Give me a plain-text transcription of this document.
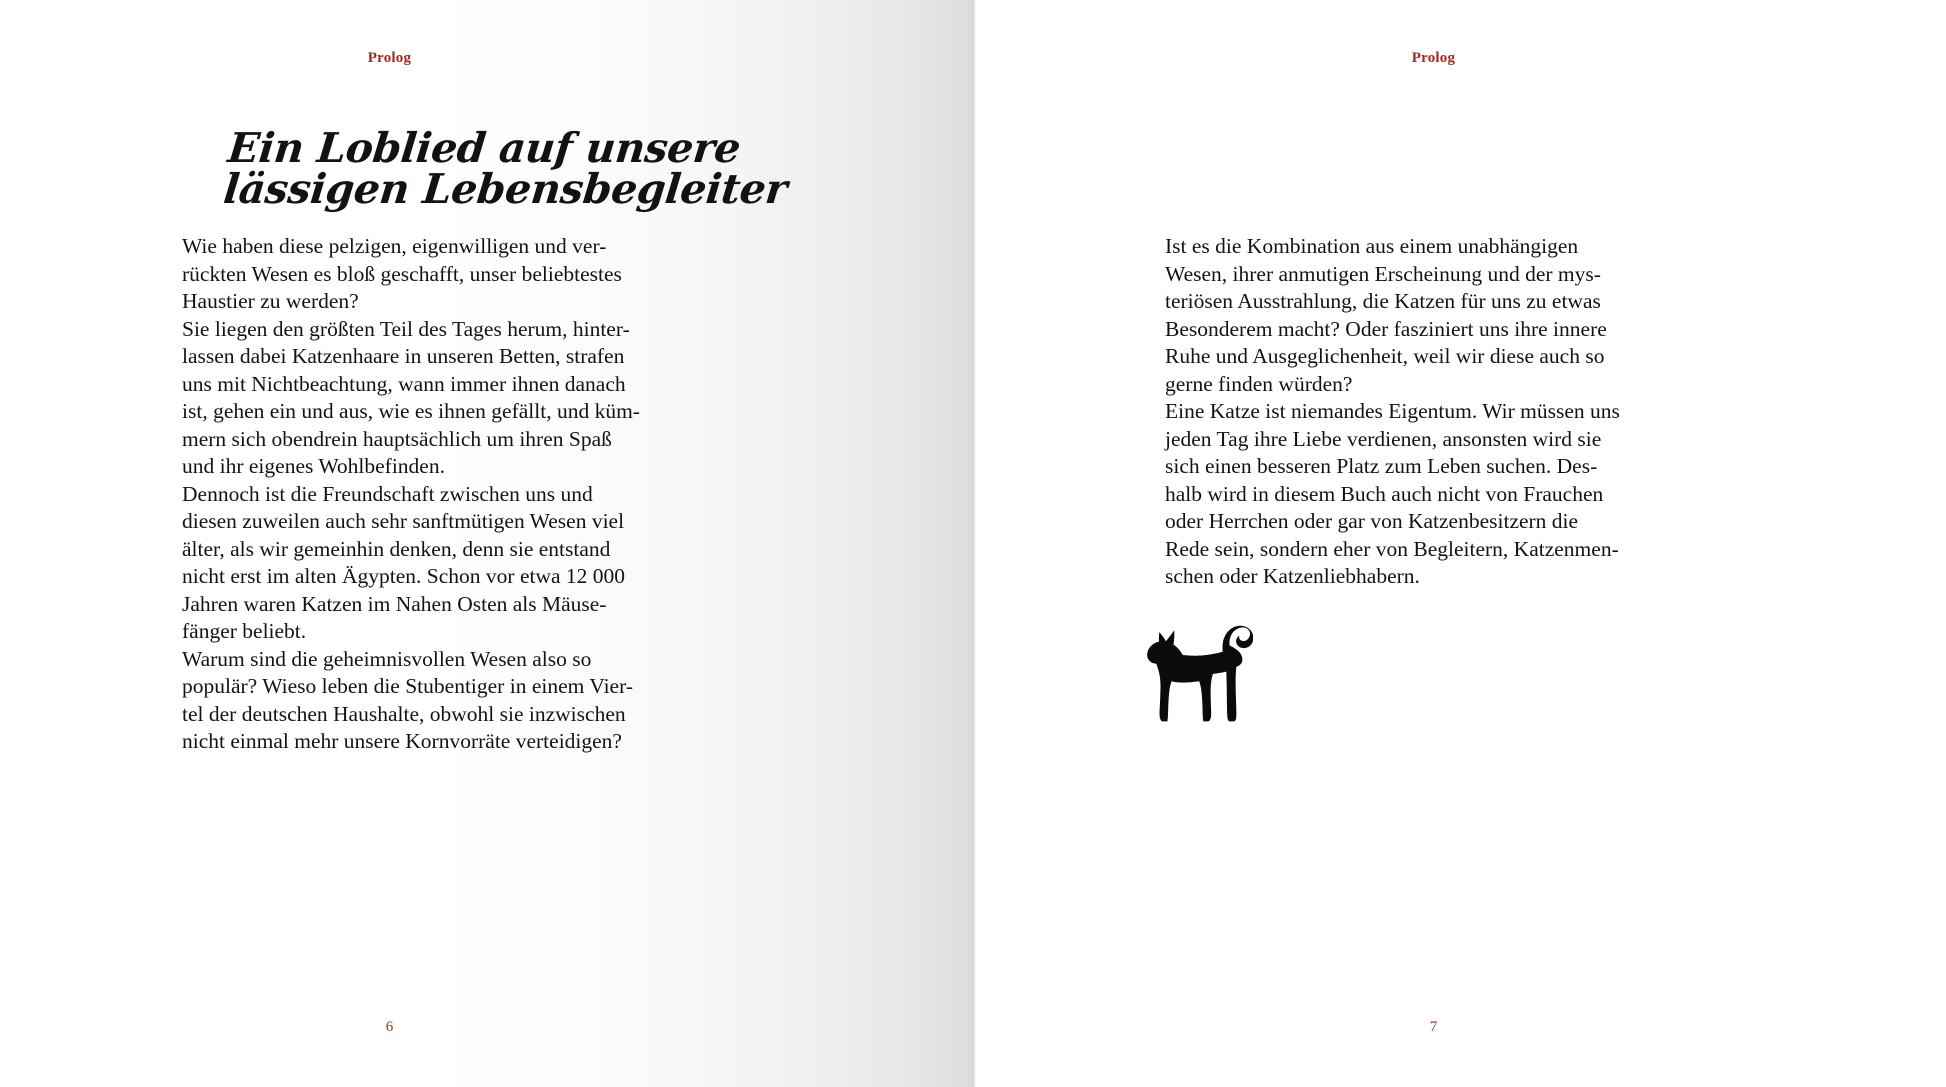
Prolog
Ein Loblied auf unsere
lässigen Lebensbegleiter
Wie haben diese pelzigen, eigenwilligen und ver-
rückten Wesen es bloß geschafft, unser beliebtestes
Haustier zu werden?
Sie liegen den größten Teil des Tages herum, hinter-
lassen dabei Katzenhaare in unseren Betten, strafen
uns mit Nichtbeachtung, wann immer ihnen danach
ist, gehen ein und aus, wie es ihnen gefällt, und küm-
mern sich obendrein hauptsächlich um ihren Spaß
und ihr eigenes Wohlbefinden.
Dennoch ist die Freundschaft zwischen uns und
diesen zuweilen auch sehr sanftmütigen Wesen viel
älter, als wir gemeinhin denken, denn sie entstand
nicht erst im alten Ägypten. Schon vor etwa 12 000
Jahren waren Katzen im Nahen Osten als Mäuse-
fänger beliebt.
Warum sind die geheimnisvollen Wesen also so
populär? Wieso leben die Stubentiger in einem Vier-
tel der deutschen Haushalte, obwohl sie inzwischen
nicht einmal mehr unsere Kornvorräte verteidigen?
6
Prolog
Ist es die Kombination aus einem unabhängigen
Wesen, ihrer anmutigen Erscheinung und der mys-
teriösen Ausstrahlung, die Katzen für uns zu etwas
Besonderem macht? Oder fasziniert uns ihre innere
Ruhe und Ausgeglichenheit, weil wir diese auch so
gerne finden würden?
Eine Katze ist niemandes Eigentum. Wir müssen uns
jeden Tag ihre Liebe verdienen, ansonsten wird sie
sich einen besseren Platz zum Leben suchen. Des-
halb wird in diesem Buch auch nicht von Frauchen
oder Herrchen oder gar von Katzenbesitzern die
Rede sein, sondern eher von Begleitern, Katzenmen-
schen oder Katzenliebhabern.
7
